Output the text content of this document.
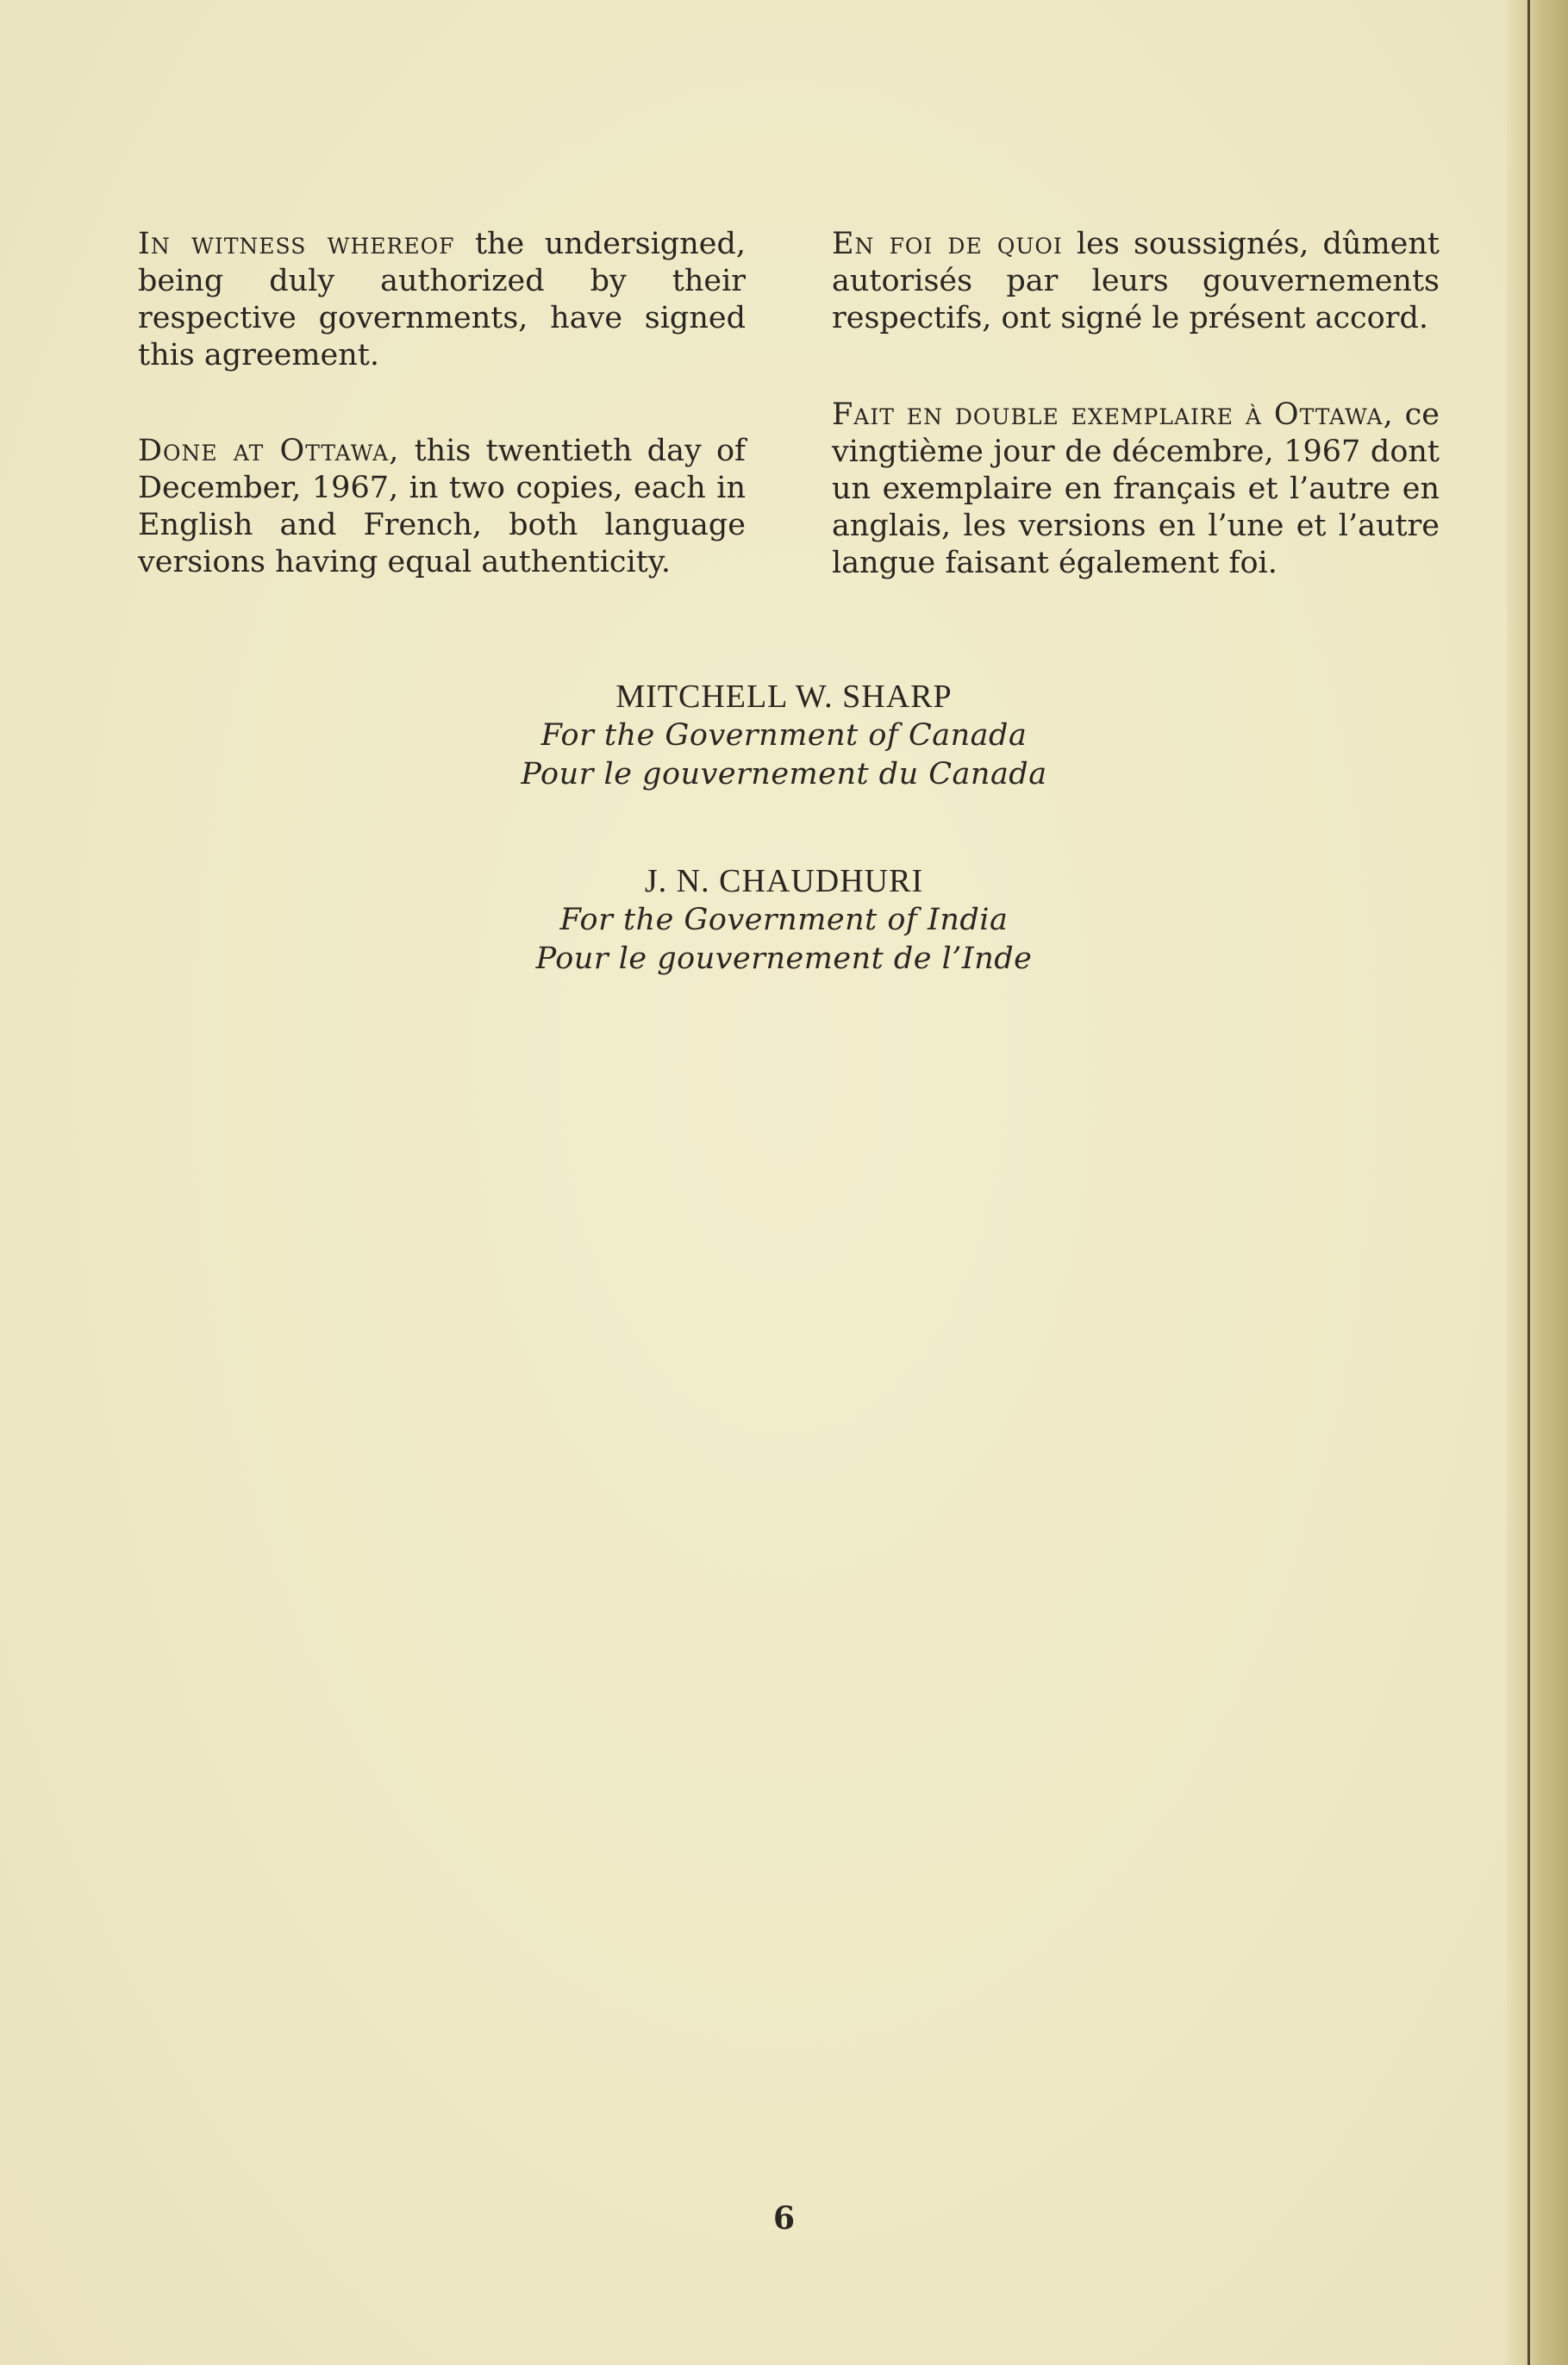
In witness whereof the undersigned, being duly authorized by their respective governments, have signed this agreement.

Done at Ottawa, this twentieth day of December, 1967, in two copies, each in English and French, both language versions having equal authenticity.

En foi de quoi les soussignés, dûment autorisés par leurs gouvernements respectifs, ont signé le présent accord.

Fait en double exemplaire à Ottawa, ce vingtième jour de décembre, 1967 dont un exemplaire en français et l’autre en anglais, les versions en l’une et l’autre langue faisant également foi.

MITCHELL W. SHARP
For the Government of Canada
Pour le gouvernement du Canada
J. N. CHAUDHURI
For the Government of India
Pour le gouvernement de l’Inde
6
